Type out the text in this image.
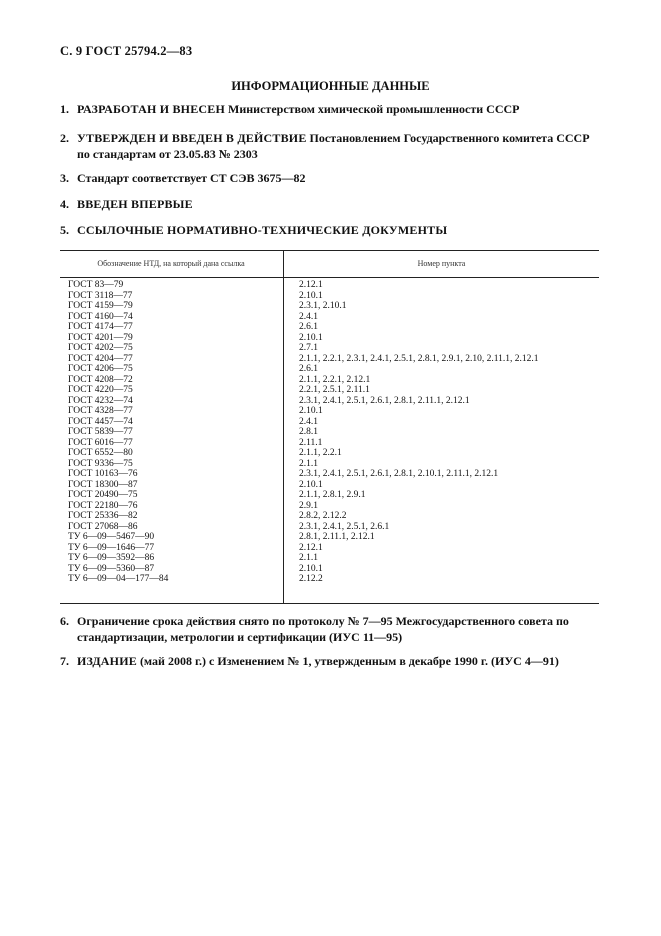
С. 9 ГОСТ 25794.2—83
ИНФОРМАЦИОННЫЕ ДАННЫЕ
1. РАЗРАБОТАН И ВНЕСЕН Министерством химической промышленности СССР
2. УТВЕРЖДЕН И ВВЕДЕН В ДЕЙСТВИЕ Постановлением Государственного комитета СССР по стандартам от 23.05.83 № 2303
3. Стандарт соответствует СТ СЭВ 3675—82
4. ВВЕДЕН ВПЕРВЫЕ
5. ССЫЛОЧНЫЕ НОРМАТИВНО-ТЕХНИЧЕСКИЕ ДОКУМЕНТЫ
Обозначение НТД, на который дана ссылка	Номер пункта
ГОСТ 83—79	2.12.1
ГОСТ 3118—77	2.10.1
ГОСТ 4159—79	2.3.1, 2.10.1
ГОСТ 4160—74	2.4.1
ГОСТ 4174—77	2.6.1
ГОСТ 4201—79	2.10.1
ГОСТ 4202—75	2.7.1
ГОСТ 4204—77	2.1.1, 2.2.1, 2.3.1, 2.4.1, 2.5.1, 2.8.1, 2.9.1, 2.10, 2.11.1, 2.12.1
ГОСТ 4206—75	2.6.1
ГОСТ 4208—72	2.1.1, 2.2.1, 2.12.1
ГОСТ 4220—75	2.2.1, 2.5.1, 2.11.1
ГОСТ 4232—74	2.3.1, 2.4.1, 2.5.1, 2.6.1, 2.8.1, 2.11.1, 2.12.1
ГОСТ 4328—77	2.10.1
ГОСТ 4457—74	2.4.1
ГОСТ 5839—77	2.8.1
ГОСТ 6016—77	2.11.1
ГОСТ 6552—80	2.1.1, 2.2.1
ГОСТ 9336—75	2.1.1
ГОСТ 10163—76	2.3.1, 2.4.1, 2.5.1, 2.6.1, 2.8.1, 2.10.1, 2.11.1, 2.12.1
ГОСТ 18300—87	2.10.1
ГОСТ 20490—75	2.1.1, 2.8.1, 2.9.1
ГОСТ 22180—76	2.9.1
ГОСТ 25336—82	2.8.2, 2.12.2
ГОСТ 27068—86	2.3.1, 2.4.1, 2.5.1, 2.6.1
ТУ 6—09—5467—90	2.8.1, 2.11.1, 2.12.1
ТУ 6—09—1646—77	2.12.1
ТУ 6—09—3592—86	2.1.1
ТУ 6—09—5360—87	2.10.1
ТУ 6—09—04—177—84	2.12.2
6. Ограничение срока действия снято по протоколу № 7—95 Межгосударственного совета по стандартизации, метрологии и сертификации (ИУС 11—95)
7. ИЗДАНИЕ (май 2008 г.) с Изменением № 1, утвержденным в декабре 1990 г. (ИУС 4—91)
